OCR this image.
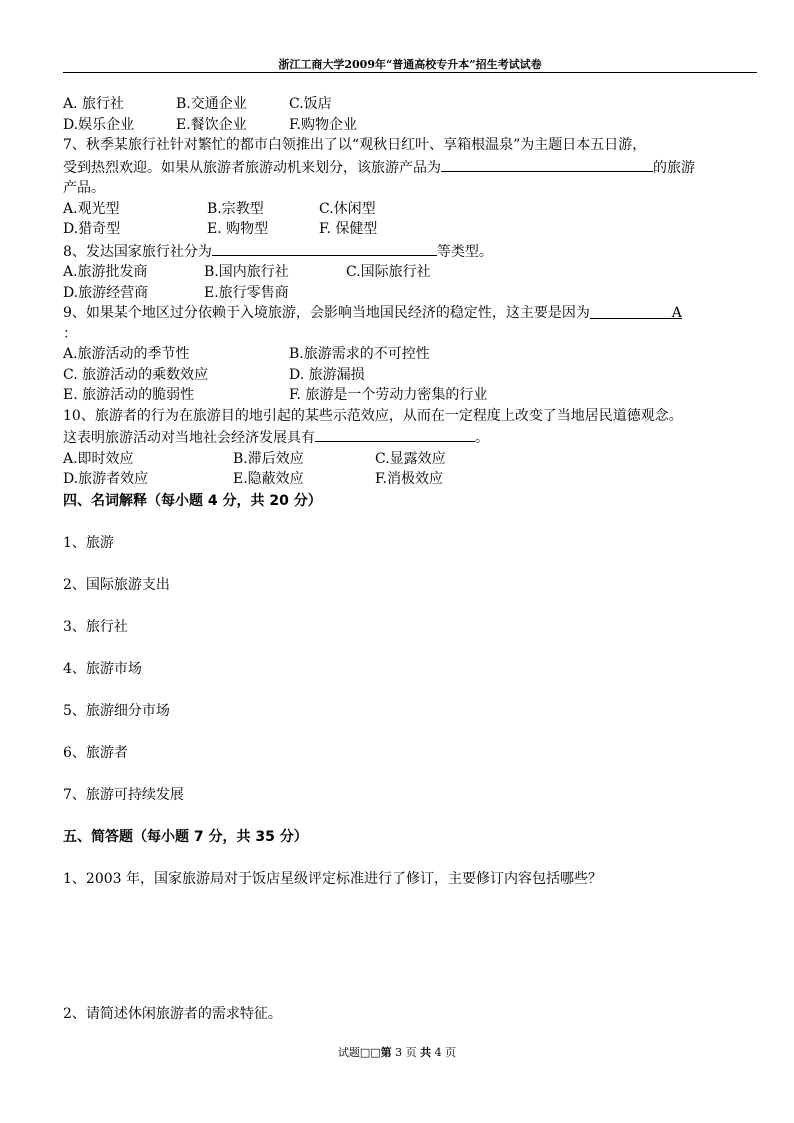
浙江工商大学2009年“普通高校专升本”招生考试试卷
A. 旅行社	B.交通企业	C.饭店
D.娱乐企业	E.餐饮企业	F.购物企业
7、秋季某旅行社针对繁忙的都市白领推出了以“观秋日红叶、享箱根温泉”为主题日本五日游，
受到热烈欢迎。如果从旅游者旅游动机来划分，该旅游产品为	的旅游
产品。
A.观光型	B.宗教型	C.休闲型
D.猎奇型	E. 购物型	F. 保健型
8、发达国家旅行社分为	等类型。
A.旅游批发商	B.国内旅行社	C.国际旅行社
D.旅游经营商	E.旅行零售商
9、如果某个地区过分依赖于入境旅游，会影响当地国民经济的稳定性，这主要是因为	A
：
A.旅游活动的季节性	B.旅游需求的不可控性
C. 旅游活动的乘数效应	D. 旅游漏损
E. 旅游活动的脆弱性	F. 旅游是一个劳动力密集的行业
10、旅游者的行为在旅游目的地引起的某些示范效应，从而在一定程度上改变了当地居民道德观念。
这表明旅游活动对当地社会经济发展具有	。
A.即时效应	B.滞后效应	C.显露效应
D.旅游者效应	E.隐蔽效应	F.消极效应
四、名词解释（每小题 4 分，共 20 分）
1、旅游
2、国际旅游支出
3、旅行社
4、旅游市场
5、旅游细分市场
6、旅游者
7、旅游可持续发展
五、简答题（每小题 7 分，共 35 分）
1、2003 年，国家旅游局对于饭店星级评定标准进行了修订，主要修订内容包括哪些？
2、请简述休闲旅游者的需求特征。
试题□□第 3 页 共 4 页
